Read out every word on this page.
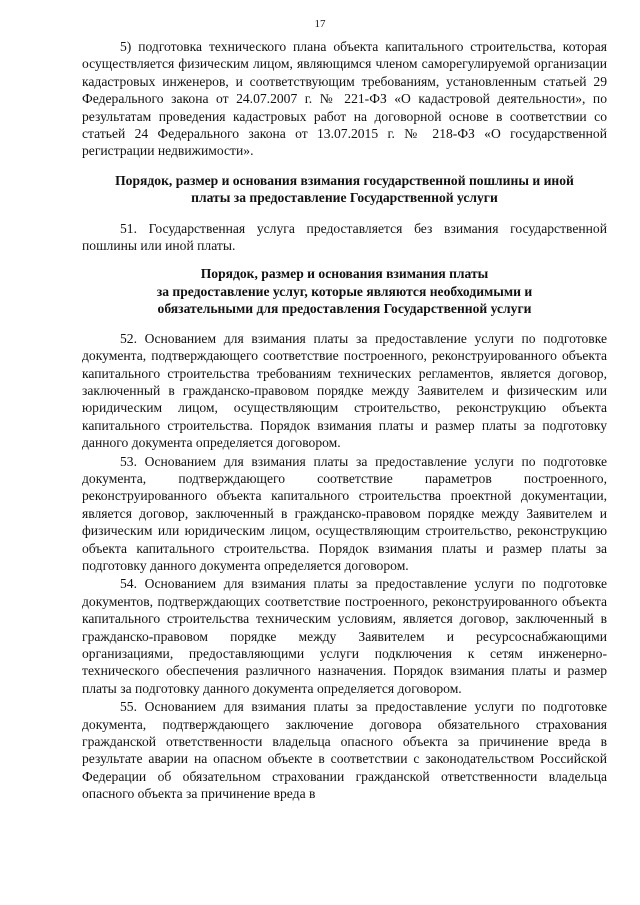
17

5) подготовка технического плана объекта капитального строительства, которая осуществляется физическим лицом, являющимся членом саморегулируемой организации кадастровых инженеров, и соответствующим требованиям, установленным статьей 29 Федерального закона от 24.07.2007 г. № 221-ФЗ «О кадастровой деятельности», по результатам проведения кадастровых работ на договорной основе в соответствии со статьей 24 Федерального закона от 13.07.2015 г. № 218-ФЗ «О государственной регистрации недвижимости».

Порядок, размер и основания взимания государственной пошлины и иной

платы за предоставление Государственной услуги

51. Государственная услуга предоставляется без взимания государственной пошлины или иной платы.

Порядок, размер и основания взимания платы

за предоставление услуг, которые являются необходимыми и

обязательными для предоставления Государственной услуги

52. Основанием для взимания платы за предоставление услуги по подготовке документа, подтверждающего соответствие построенного, реконструированного объекта капитального строительства требованиям технических регламентов, является договор, заключенный в гражданско-правовом порядке между Заявителем и физическим или юридическим лицом, осуществляющим строительство, реконструкцию объекта капитального строительства. Порядок взимания платы и размер платы за подготовку данного документа определяется договором.

53. Основанием для взимания платы за предоставление услуги по подготовке документа, подтверждающего соответствие параметров построенного, реконструированного объекта капитального строительства проектной документации, является договор, заключенный в гражданско-правовом порядке между Заявителем и физическим или юридическим лицом, осуществляющим строительство, реконструкцию объекта капитального строительства. Порядок взимания платы и размер платы за подготовку данного документа определяется договором.

54. Основанием для взимания платы за предоставление услуги по подготовке документов, подтверждающих соответствие построенного, реконструированного объекта капитального строительства техническим условиям, является договор, заключенный в гражданско-правовом порядке между Заявителем и ресурсоснабжающими организациями, предоставляющими услуги подключения к сетям инженерно-технического обеспечения различного назначения. Порядок взимания платы и размер платы за подготовку данного документа определяется договором.

55. Основанием для взимания платы за предоставление услуги по подготовке документа, подтверждающего заключение договора обязательного страхования гражданской ответственности владельца опасного объекта за причинение вреда в результате аварии на опасном объекте в соответствии с законодательством Российской Федерации об обязательном страховании гражданской ответственности владельца опасного объекта за причинение вреда в
